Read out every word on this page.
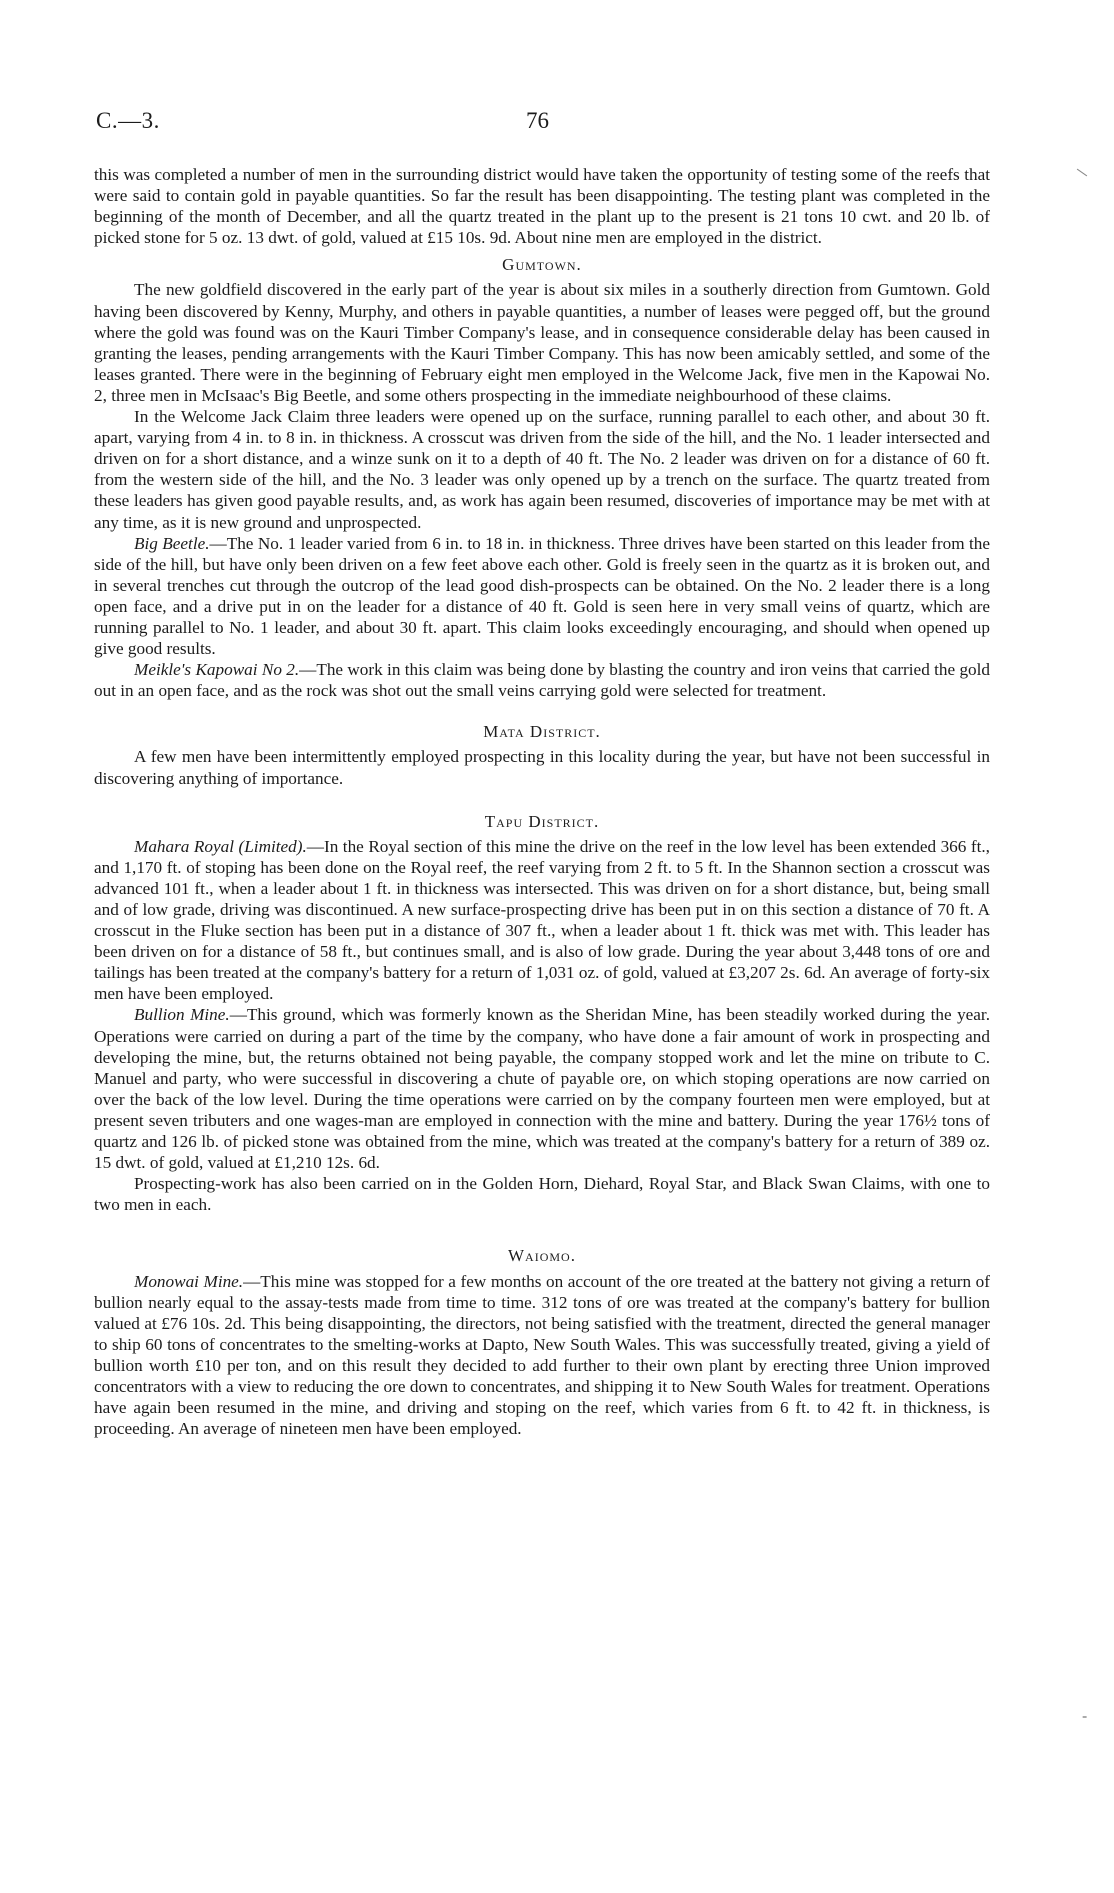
C.—3.	76

this was completed a number of men in the surrounding district would have taken the opportunity of testing some of the reefs that were said to contain gold in payable quantities. So far the result has been disappointing. The testing plant was completed in the beginning of the month of December, and all the quartz treated in the plant up to the present is 21 tons 10 cwt. and 20 lb. of picked stone for 5 oz. 13 dwt. of gold, valued at £15 10s. 9d. About nine men are employed in the district.

Gumtown.

The new goldfield discovered in the early part of the year is about six miles in a southerly direction from Gumtown. Gold having been discovered by Kenny, Murphy, and others in payable quantities, a number of leases were pegged off, but the ground where the gold was found was on the Kauri Timber Company's lease, and in consequence considerable delay has been caused in granting the leases, pending arrangements with the Kauri Timber Company. This has now been amicably settled, and some of the leases granted. There were in the beginning of February eight men employed in the Welcome Jack, five men in the Kapowai No. 2, three men in McIsaac's Big Beetle, and some others prospecting in the immediate neighbourhood of these claims.

In the Welcome Jack Claim three leaders were opened up on the surface, running parallel to each other, and about 30 ft. apart, varying from 4 in. to 8 in. in thickness. A crosscut was driven from the side of the hill, and the No. 1 leader intersected and driven on for a short distance, and a winze sunk on it to a depth of 40 ft. The No. 2 leader was driven on for a distance of 60 ft. from the western side of the hill, and the No. 3 leader was only opened up by a trench on the surface. The quartz treated from these leaders has given good payable results, and, as work has again been resumed, discoveries of importance may be met with at any time, as it is new ground and unprospected.

Big Beetle.—The No. 1 leader varied from 6 in. to 18 in. in thickness. Three drives have been started on this leader from the side of the hill, but have only been driven on a few feet above each other. Gold is freely seen in the quartz as it is broken out, and in several trenches cut through the outcrop of the lead good dish-prospects can be obtained. On the No. 2 leader there is a long open face, and a drive put in on the leader for a distance of 40 ft. Gold is seen here in very small veins of quartz, which are running parallel to No. 1 leader, and about 30 ft. apart. This claim looks exceedingly encouraging, and should when opened up give good results.

Meikle's Kapowai No 2.—The work in this claim was being done by blasting the country and iron veins that carried the gold out in an open face, and as the rock was shot out the small veins carrying gold were selected for treatment.

Mata District.

A few men have been intermittently employed prospecting in this locality during the year, but have not been successful in discovering anything of importance.

Tapu District.

Mahara Royal (Limited).—In the Royal section of this mine the drive on the reef in the low level has been extended 366 ft., and 1,170 ft. of stoping has been done on the Royal reef, the reef varying from 2 ft. to 5 ft. In the Shannon section a crosscut was advanced 101 ft., when a leader about 1 ft. in thickness was intersected. This was driven on for a short distance, but, being small and of low grade, driving was discontinued. A new surface-prospecting drive has been put in on this section a distance of 70 ft. A crosscut in the Fluke section has been put in a distance of 307 ft., when a leader about 1 ft. thick was met with. This leader has been driven on for a distance of 58 ft., but continues small, and is also of low grade. During the year about 3,448 tons of ore and tailings has been treated at the company's battery for a return of 1,031 oz. of gold, valued at £3,207 2s. 6d. An average of forty-six men have been employed.

Bullion Mine.—This ground, which was formerly known as the Sheridan Mine, has been steadily worked during the year. Operations were carried on during a part of the time by the company, who have done a fair amount of work in prospecting and developing the mine, but, the returns obtained not being payable, the company stopped work and let the mine on tribute to C. Manuel and party, who were successful in discovering a chute of payable ore, on which stoping operations are now carried on over the back of the low level. During the time operations were carried on by the company fourteen men were employed, but at present seven tributers and one wages-man are employed in connection with the mine and battery. During the year 176½ tons of quartz and 126 lb. of picked stone was obtained from the mine, which was treated at the company's battery for a return of 389 oz. 15 dwt. of gold, valued at £1,210 12s. 6d.

Prospecting-work has also been carried on in the Golden Horn, Diehard, Royal Star, and Black Swan Claims, with one to two men in each.

Waiomo.

Monowai Mine.—This mine was stopped for a few months on account of the ore treated at the battery not giving a return of bullion nearly equal to the assay-tests made from time to time. 312 tons of ore was treated at the company's battery for bullion valued at £76 10s. 2d. This being disappointing, the directors, not being satisfied with the treatment, directed the general manager to ship 60 tons of concentrates to the smelting-works at Dapto, New South Wales. This was successfully treated, giving a yield of bullion worth £10 per ton, and on this result they decided to add further to their own plant by erecting three Union improved concentrators with a view to reducing the ore down to concentrates, and shipping it to New South Wales for treatment. Operations have again been resumed in the mine, and driving and stoping on the reef, which varies from 6 ft. to 42 ft. in thickness, is proceeding. An average of nineteen men have been employed.

⁼
